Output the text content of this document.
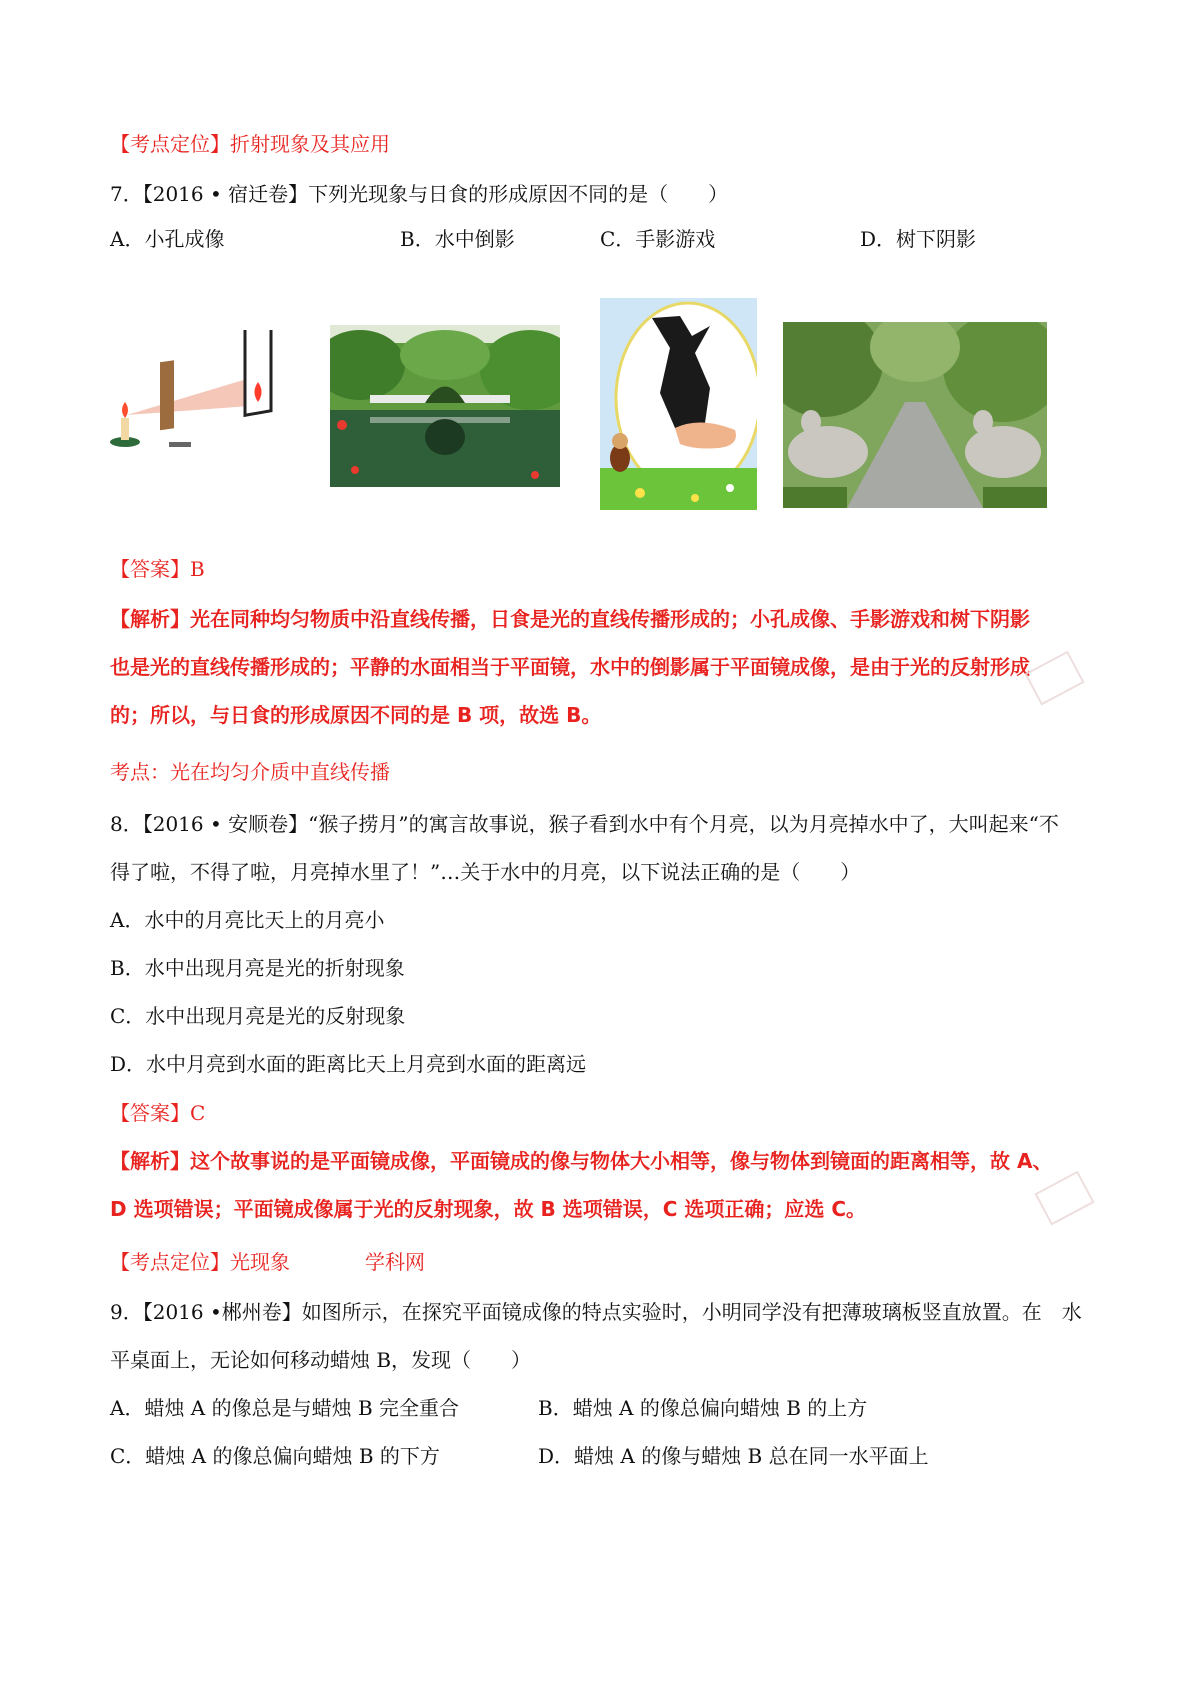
【考点定位】折射现象及其应用
7．【2016 • 宿迁卷】下列光现象与日食的形成原因不同的是（　　）
A．小孔成像	B．水中倒影	C．手影游戏	D．树下阴影
【答案】B
【解析】光在同种均匀物质中沿直线传播，日食是光的直线传播形成的；小孔成像、手影游戏和树下阴影
也是光的直线传播形成的；平静的水面相当于平面镜，水中的倒影属于平面镜成像，是由于光的反射形成
的；所以，与日食的形成原因不同的是 B 项，故选 B。
考点：光在均匀介质中直线传播
8．【2016 • 安顺卷】“猴子捞月”的寓言故事说，猴子看到水中有个月亮，以为月亮掉水中了，大叫起来“不
得了啦，不得了啦，月亮掉水里了！”…关于水中的月亮，以下说法正确的是（　　）
A．水中的月亮比天上的月亮小
B．水中出现月亮是光的折射现象
C．水中出现月亮是光的反射现象
D．水中月亮到水面的距离比天上月亮到水面的距离远
【答案】C
【解析】这个故事说的是平面镜成像，平面镜成的像与物体大小相等，像与物体到镜面的距离相等，故 A、
D 选项错误；平面镜成像属于光的反射现象，故 B 选项错误，C 选项正确；应选 C。
【考点定位】光现象	学科网
9．【2016 •郴州卷】如图所示，在探究平面镜成像的特点实验时，小明同学没有把薄玻璃板竖直放置。在　水
平桌面上，无论如何移动蜡烛 B，发现（　　）
A．蜡烛 A 的像总是与蜡烛 B 完全重合	B．蜡烛 A 的像总偏向蜡烛 B 的上方
C．蜡烛 A 的像总偏向蜡烛 B 的下方	D．蜡烛 A 的像与蜡烛 B 总在同一水平面上
